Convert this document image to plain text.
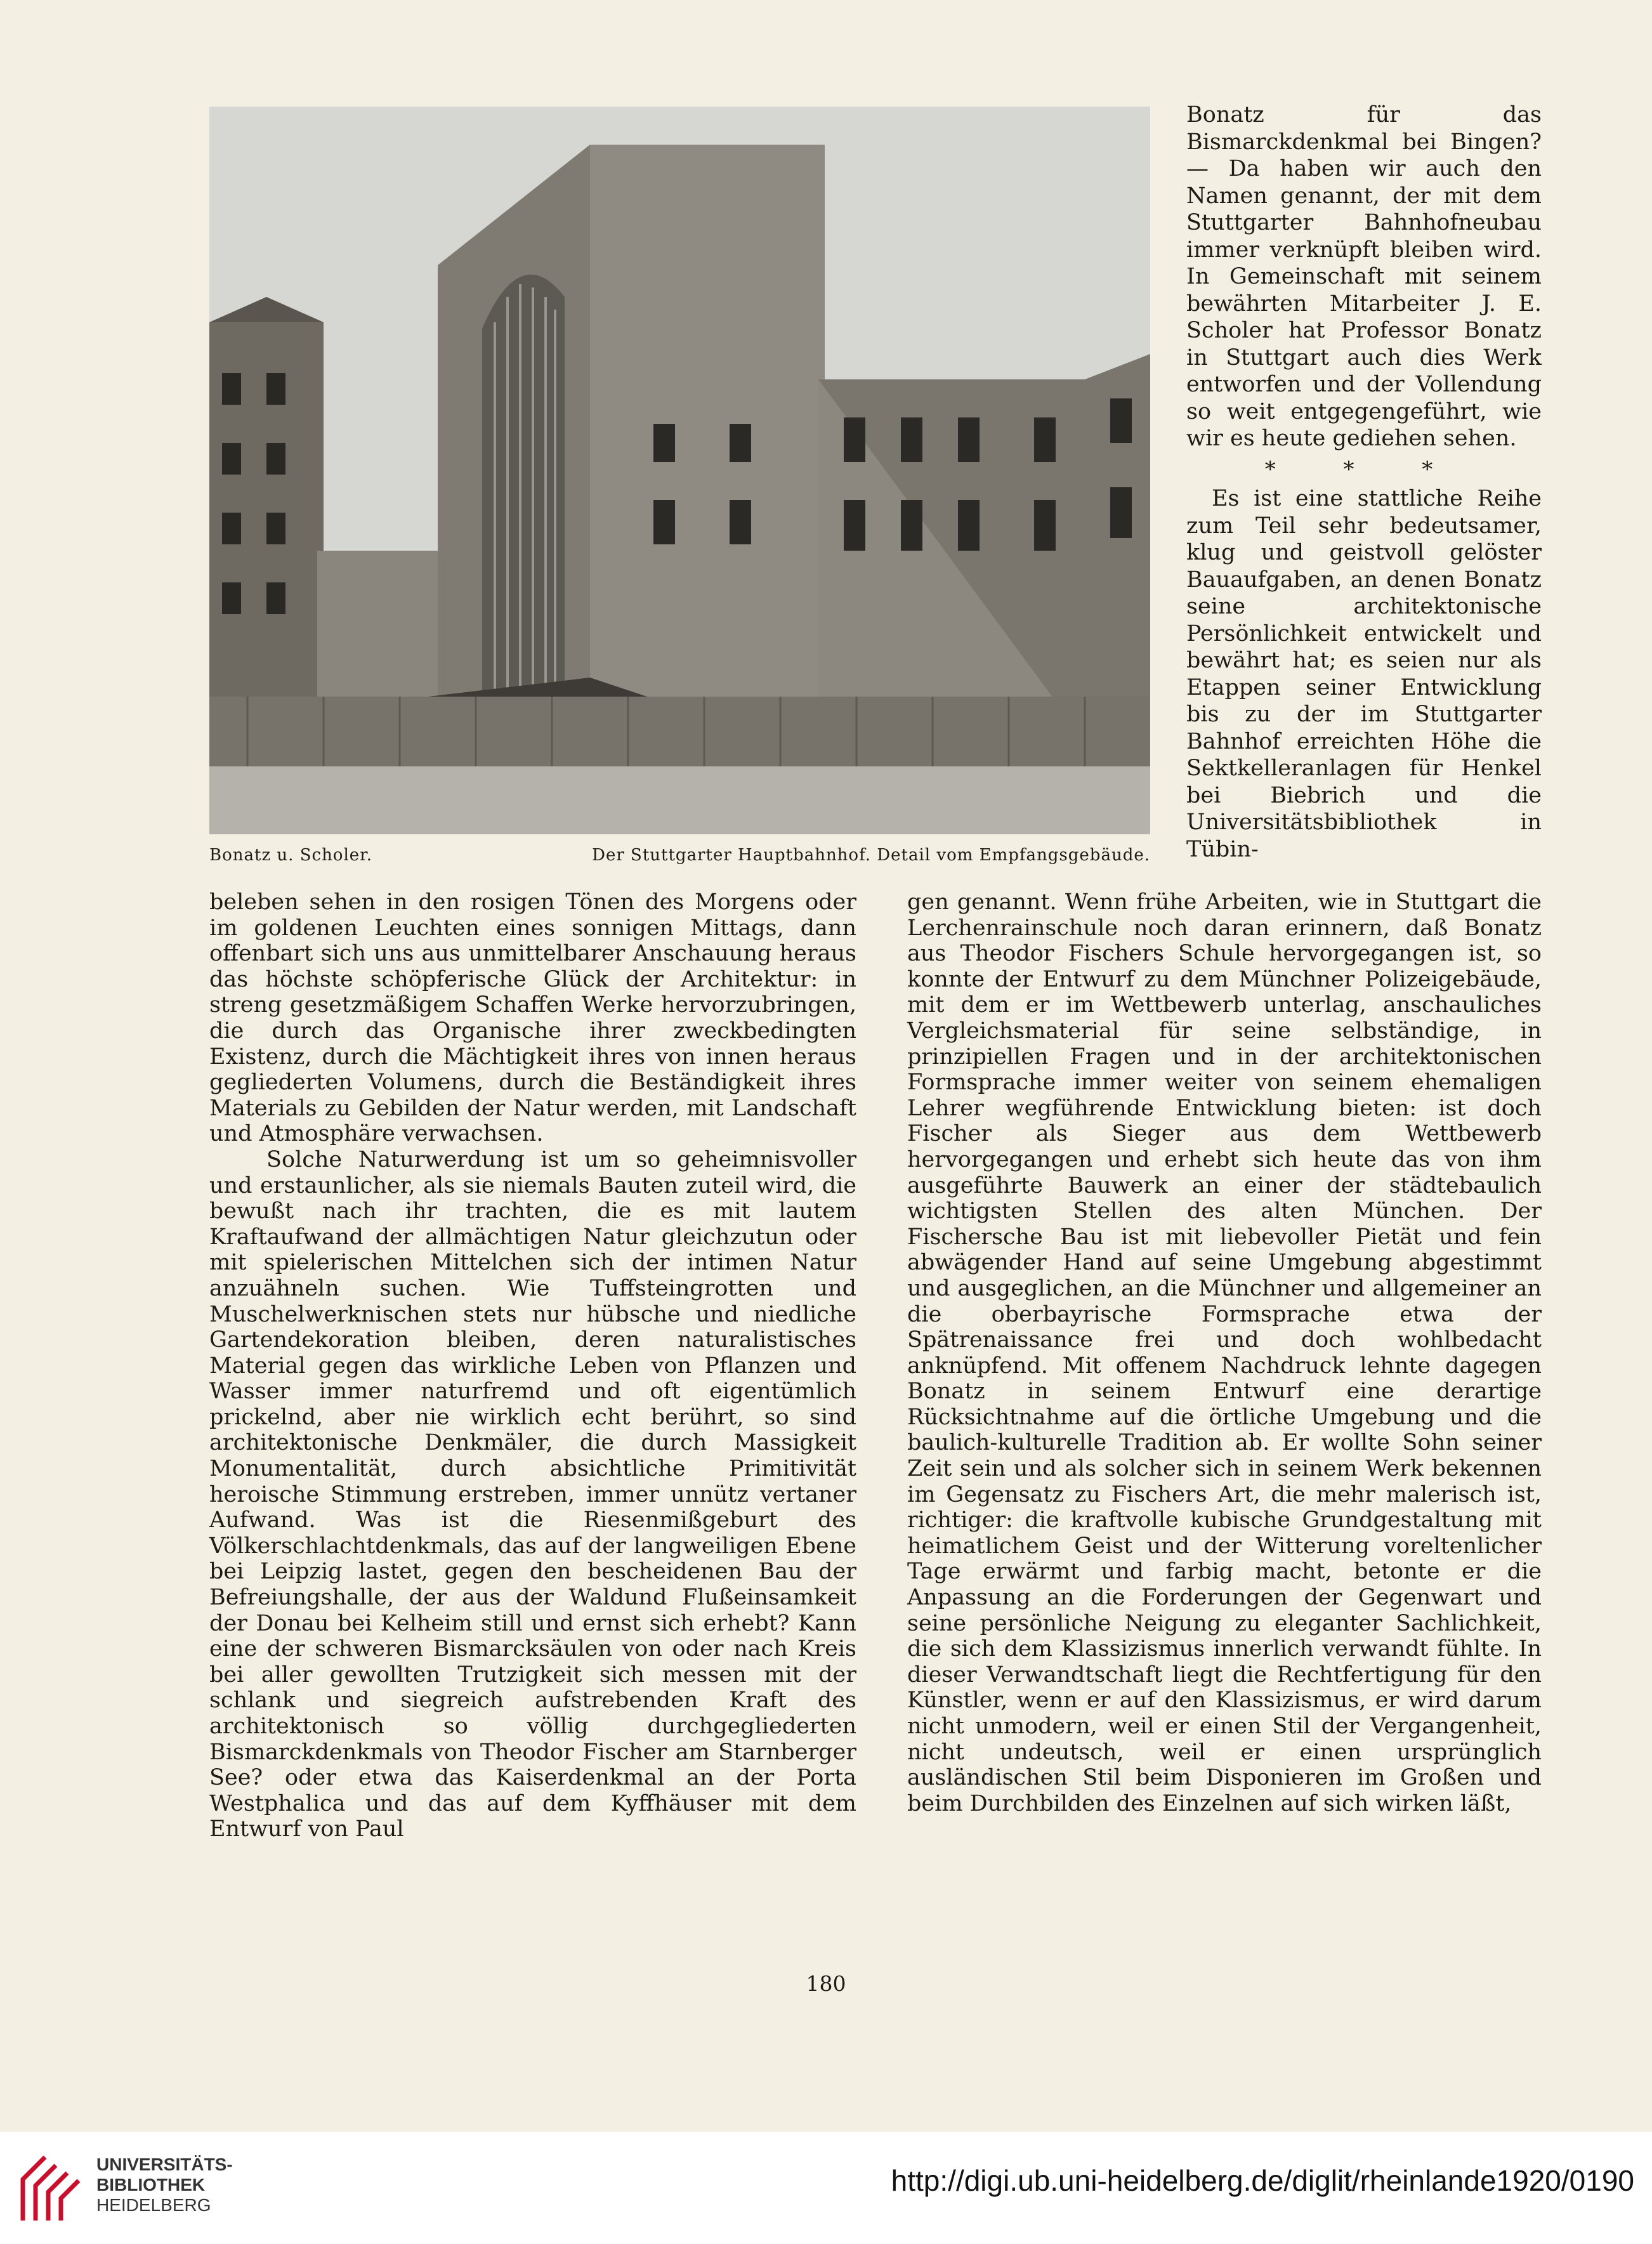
Bonatz u. Scholer.	Der Stuttgarter Hauptbahnhof. Detail vom Empfangsgebäude.

Bonatz für das Bismarckdenkmal bei Bingen? — Da haben wir auch den Namen genannt, der mit dem Stuttgarter Bahnhofneubau immer verknüpft bleiben wird. In Gemeinschaft mit seinem bewährten Mitarbeiter J. E. Scholer hat Professor Bonatz in Stuttgart auch dies Werk entworfen und der Vollendung so weit entgegengeführt, wie wir es heute gediehen sehen.

* * *

Es ist eine stattliche Reihe zum Teil sehr bedeutsamer, klug und geistvoll gelöster Bauaufgaben, an denen Bonatz seine architektonische Persönlichkeit entwickelt und bewährt hat; es seien nur als Etappen seiner Entwicklung bis zu der im Stuttgarter Bahnhof erreichten Höhe die Sektkelleranlagen für Henkel bei Biebrich und die Universitätsbibliothek in Tübin-

beleben sehen in den rosigen Tönen des Morgens oder im goldenen Leuchten eines sonnigen Mittags, dann offenbart sich uns aus unmittelbarer Anschauung heraus das höchste schöpferische Glück der Architektur: in streng gesetzmäßigem Schaffen Werke hervorzubringen, die durch das Organische ihrer zweckbedingten Existenz, durch die Mächtigkeit ihres von innen heraus gegliederten Volumens, durch die Beständigkeit ihres Materials zu Gebilden der Natur werden, mit Landschaft und Atmosphäre verwachsen.

Solche Naturwerdung ist um so geheimnisvoller und erstaunlicher, als sie niemals Bauten zuteil wird, die bewußt nach ihr trachten, die es mit lautem Kraftaufwand der allmächtigen Natur gleichzutun oder mit spielerischen Mittelchen sich der intimen Natur anzuähneln suchen. Wie Tuffsteingrotten und Muschelwerknischen stets nur hübsche und niedliche Gartendekoration bleiben, deren naturalistisches Material gegen das wirkliche Leben von Pflanzen und Wasser immer naturfremd und oft eigentümlich prickelnd, aber nie wirklich echt berührt, so sind architektonische Denkmäler, die durch Massigkeit Monumentalität, durch absichtliche Primitivität heroische Stimmung erstreben, immer unnütz vertaner Aufwand. Was ist die Riesenmißgeburt des Völkerschlachtdenkmals, das auf der langweiligen Ebene bei Leipzig lastet, gegen den bescheidenen Bau der Befreiungshalle, der aus der Waldund Flußeinsamkeit der Donau bei Kelheim still und ernst sich erhebt? Kann eine der schweren Bismarcksäulen von oder nach Kreis bei aller gewollten Trutzigkeit sich messen mit der schlank und siegreich aufstrebenden Kraft des architektonisch so völlig durchgegliederten Bismarckdenkmals von Theodor Fischer am Starnberger See? oder etwa das Kaiserdenkmal an der Porta Westphalica und das auf dem Kyffhäuser mit dem Entwurf von Paul

gen genannt. Wenn frühe Arbeiten, wie in Stuttgart die Lerchenrainschule noch daran erinnern, daß Bonatz aus Theodor Fischers Schule hervorgegangen ist, so konnte der Entwurf zu dem Münchner Polizeigebäude, mit dem er im Wettbewerb unterlag, anschauliches Vergleichsmaterial für seine selbständige, in prinzipiellen Fragen und in der architektonischen Formsprache immer weiter von seinem ehemaligen Lehrer wegführende Entwicklung bieten: ist doch Fischer als Sieger aus dem Wettbewerb hervorgegangen und erhebt sich heute das von ihm ausgeführte Bauwerk an einer der städtebaulich wichtigsten Stellen des alten München. Der Fischersche Bau ist mit liebevoller Pietät und fein abwägender Hand auf seine Umgebung abgestimmt und ausgeglichen, an die Münchner und allgemeiner an die oberbayrische Formsprache etwa der Spätrenaissance frei und doch wohlbedacht anknüpfend. Mit offenem Nachdruck lehnte dagegen Bonatz in seinem Entwurf eine derartige Rücksichtnahme auf die örtliche Umgebung und die baulich-kulturelle Tradition ab. Er wollte Sohn seiner Zeit sein und als solcher sich in seinem Werk bekennen im Gegensatz zu Fischers Art, die mehr malerisch ist, richtiger: die kraftvolle kubische Grundgestaltung mit heimatlichem Geist und der Witterung voreltenlicher Tage erwärmt und farbig macht, betonte er die Anpassung an die Forderungen der Gegenwart und seine persönliche Neigung zu eleganter Sachlichkeit, die sich dem Klassizismus innerlich verwandt fühlte. In dieser Verwandtschaft liegt die Rechtfertigung für den Künstler, wenn er auf den Klassizismus, er wird darum nicht unmodern, weil er einen Stil der Vergangenheit, nicht undeutsch, weil er einen ursprünglich ausländischen Stil beim Disponieren im Großen und beim Durchbilden des Einzelnen auf sich wirken läßt,

180
UNIVERSITÄTS-
BIBLIOTHEK
HEIDELBERG
http://digi.ub.uni-heidelberg.de/diglit/rheinlande1920/0190
